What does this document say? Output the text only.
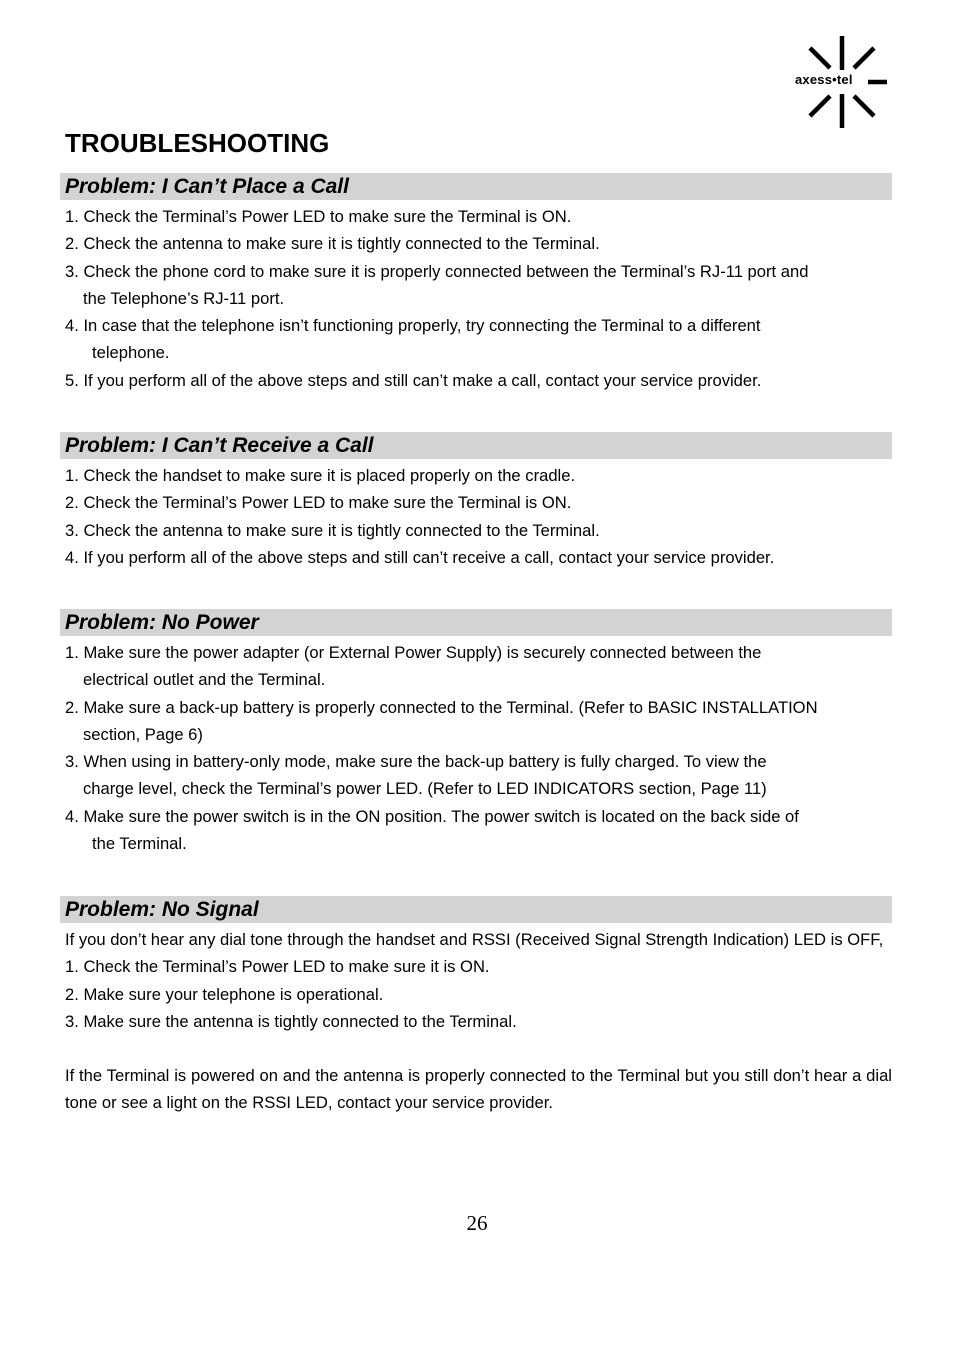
axess•tel
TROUBLESHOOTING
Problem: I Can’t Place a Call
1. Check the Terminal’s Power LED to make sure the Terminal is ON.
2. Check the antenna to make sure it is tightly connected to the Terminal.
3. Check the phone cord to make sure it is properly connected between the Terminal’s RJ-11 port and
the Telephone’s RJ-11 port.
4. In case that the telephone isn’t functioning properly, try connecting the Terminal to a different
telephone.
5. If you perform all of the above steps and still can’t make a call, contact your service provider.
Problem: I Can’t Receive a Call
1. Check the handset to make sure it is placed properly on the cradle.
2. Check the Terminal’s Power LED to make sure the Terminal is ON.
3. Check the antenna to make sure it is tightly connected to the Terminal.
4. If you perform all of the above steps and still can’t receive a call, contact your service provider.
Problem: No Power
1. Make sure the power adapter (or External Power Supply) is securely connected between the
electrical outlet and the Terminal.
2. Make sure a back-up battery is properly connected to the Terminal. (Refer to BASIC INSTALLATION
section, Page 6)
3. When using in battery-only mode, make sure the back-up battery is fully charged. To view the
charge level, check the Terminal’s power LED. (Refer to LED INDICATORS section, Page 11)
4. Make sure the power switch is in the ON position. The power switch is located on the back side of
the Terminal.
Problem: No Signal
If you don’t hear any dial tone through the handset and RSSI (Received Signal Strength Indication) LED is OFF,
1. Check the Terminal’s Power LED to make sure it is ON.
2. Make sure your telephone is operational.
3. Make sure the antenna is tightly connected to the Terminal.
If the Terminal is powered on and the antenna is properly connected to the Terminal but you still don’t hear a dial tone or see a light on the RSSI LED, contact your service provider.
26
